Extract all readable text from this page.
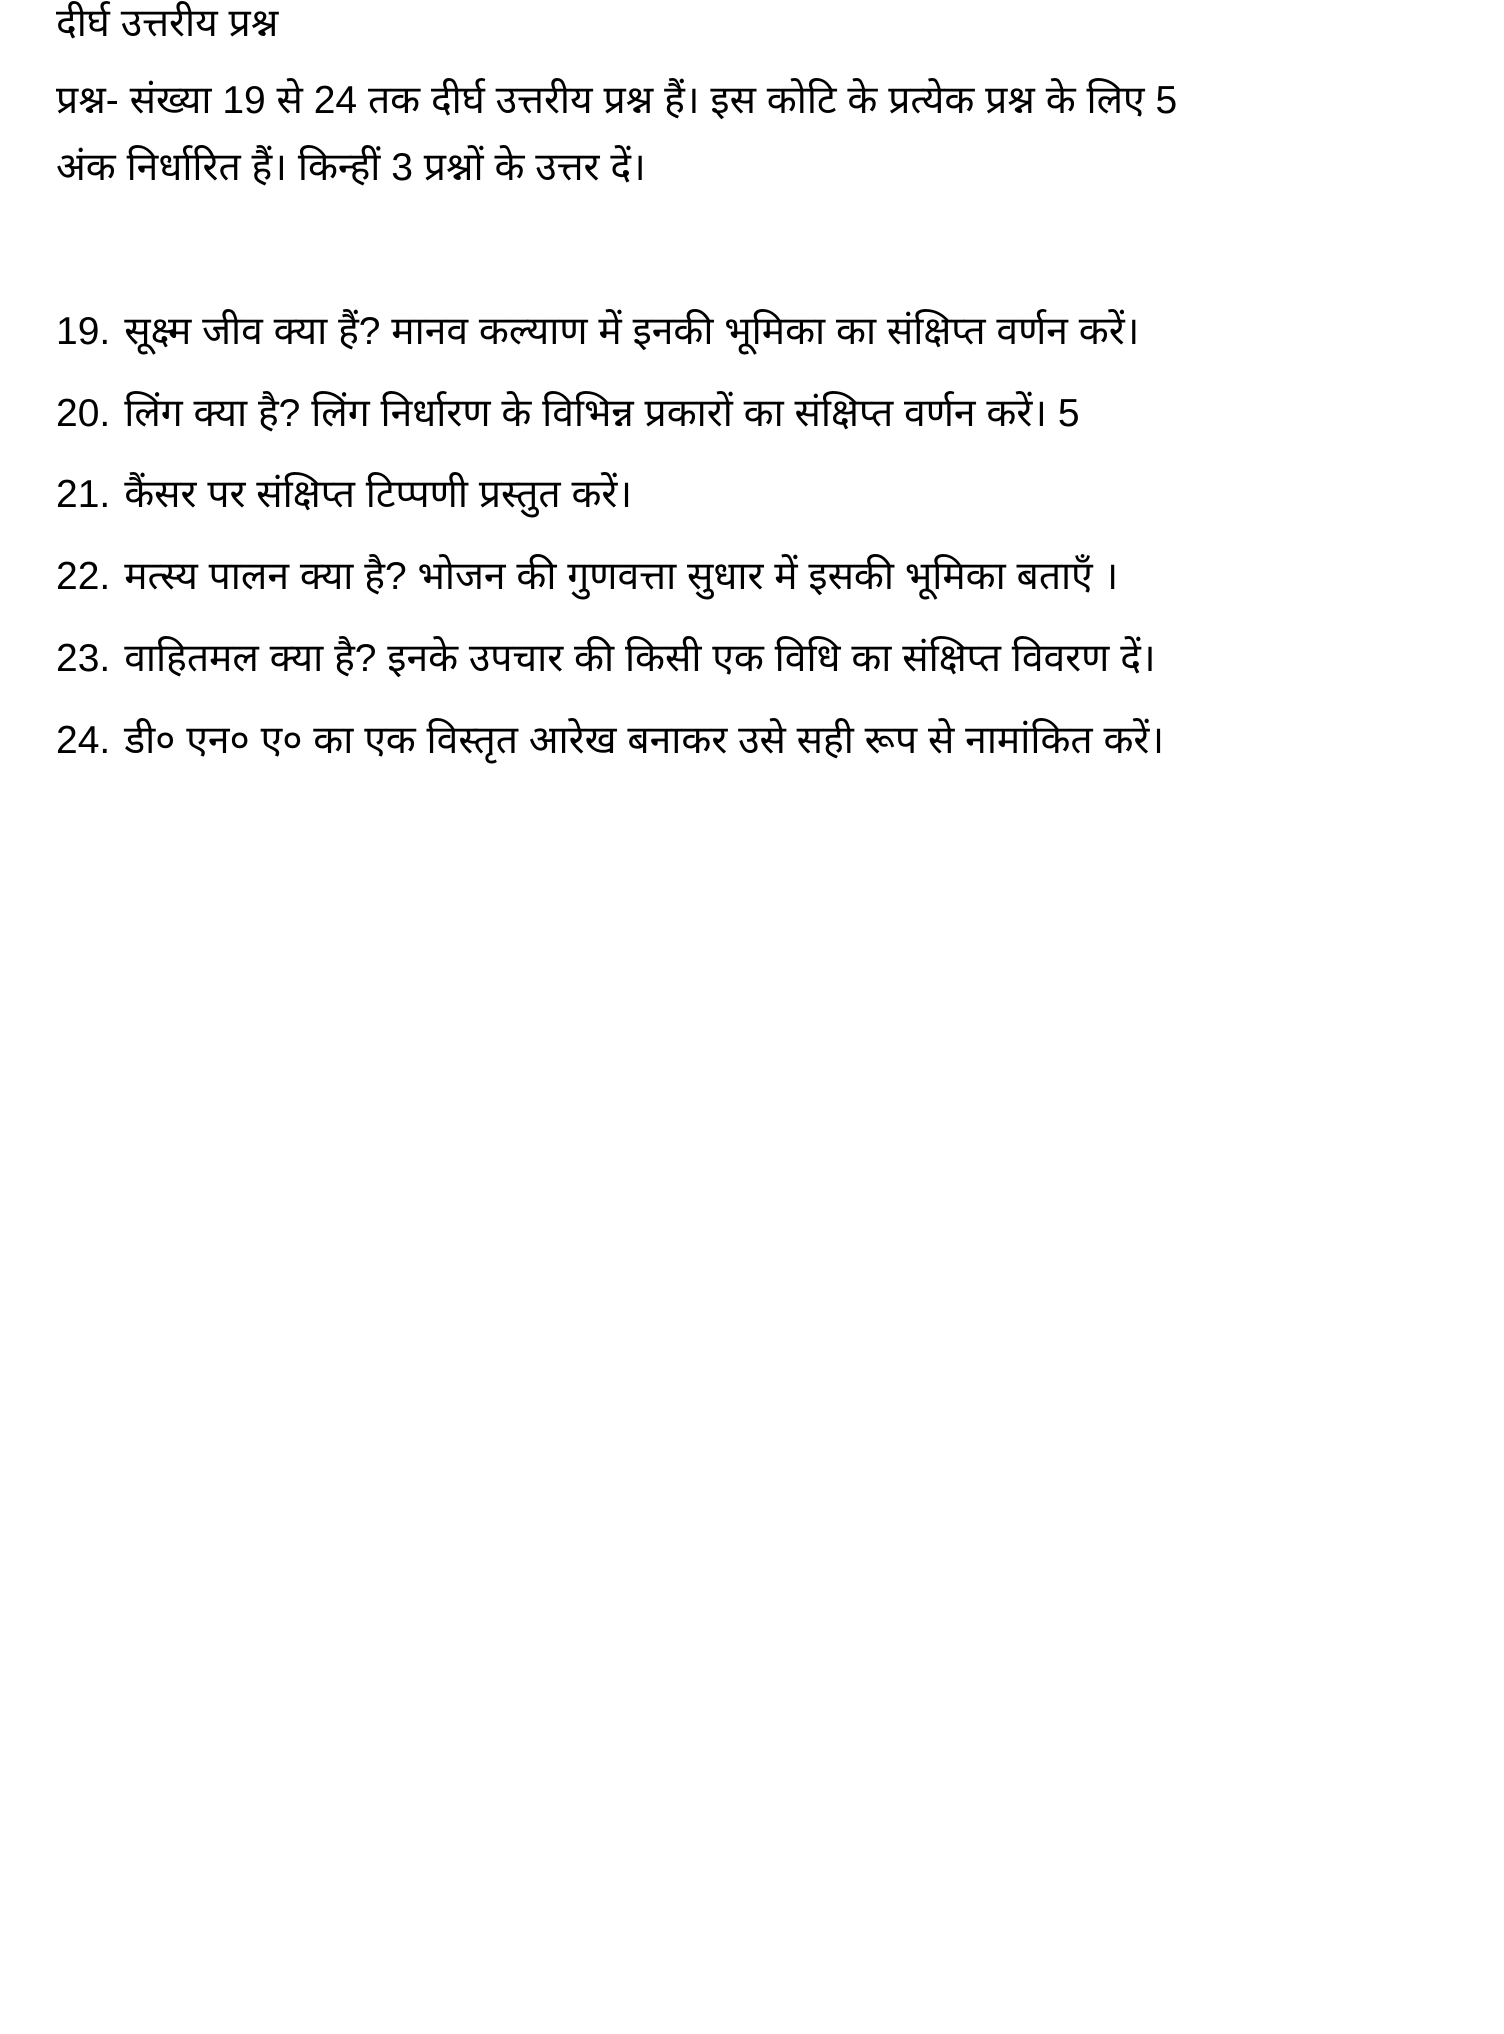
दीर्घ उत्तरीय प्रश्न
प्रश्न- संख्या 19 से 24 तक दीर्घ उत्तरीय प्रश्न हैं। इस कोटि के प्रत्येक प्रश्न के लिए 5
अंक निर्धारित हैं। किन्हीं 3 प्रश्नों के उत्तर दें।
19. सूक्ष्म जीव क्या हैं? मानव कल्याण में इनकी भूमिका का संक्षिप्त वर्णन करें।
20. लिंग क्या है? लिंग निर्धारण के विभिन्न प्रकारों का संक्षिप्त वर्णन करें। 5
21. कैंसर पर संक्षिप्त टिप्पणी प्रस्तुत करें।
22. मत्स्य पालन क्या है? भोजन की गुणवत्ता सुधार में इसकी भूमिका बताएँ ।
23. वाहितमल क्या है? इनके उपचार की किसी एक विधि का संक्षिप्त विवरण दें।
24. डी० एन० ए० का एक विस्तृत आरेख बनाकर उसे सही रूप से नामांकित करें।
